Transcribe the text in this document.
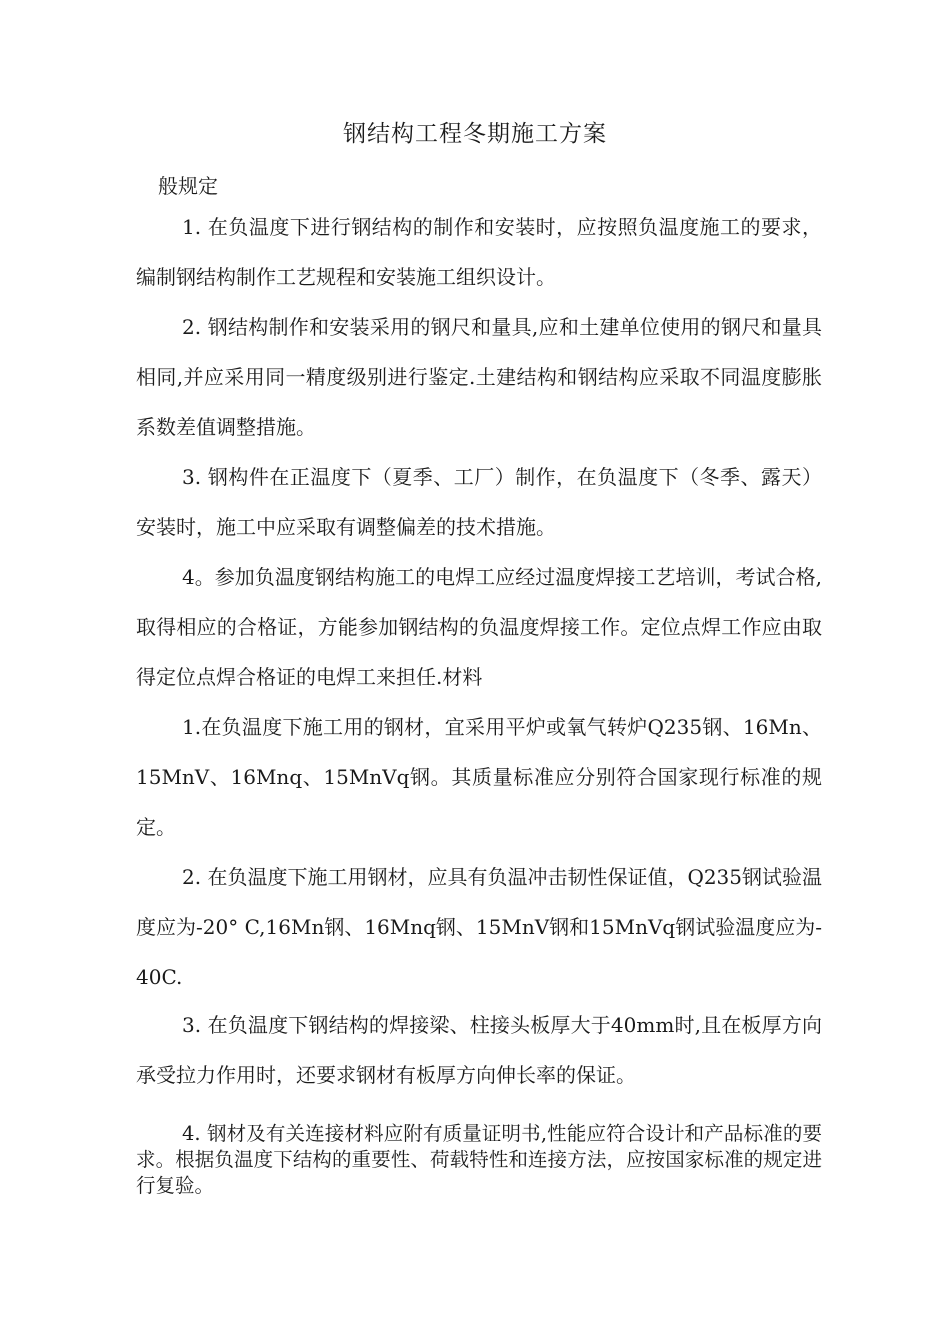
钢结构工程冬期施工方案

般规定

1. 在负温度下进行钢结构的制作和安装时，应按照负温度施工的要求，编制钢结构制作工艺规程和安装施工组织设计。

2. 钢结构制作和安装采用的钢尺和量具,应和土建单位使用的钢尺和量具相同,并应采用同一精度级别进行鉴定.土建结构和钢结构应采取不同温度膨胀系数差值调整措施。

3. 钢构件在正温度下（夏季、工厂）制作，在负温度下（冬季、露天）安装时，施工中应采取有调整偏差的技术措施。

4。参加负温度钢结构施工的电焊工应经过温度焊接工艺培训，考试合格,取得相应的合格证，方能参加钢结构的负温度焊接工作。定位点焊工作应由取得定位点焊合格证的电焊工来担任.材料

1.在负温度下施工用的钢材，宜采用平炉或氧气转炉Q235钢、16Mn、15MnV、16Mnq、15MnVq钢。其质量标准应分别符合国家现行标准的规定。

2. 在负温度下施工用钢材，应具有负温冲击韧性保证值，Q235钢试验温度应为-20° C,16Mn钢、16Mnq钢、15MnV钢和15MnVq钢试验温度应为-40C.

3. 在负温度下钢结构的焊接梁、柱接头板厚大于40mm时,且在板厚方向承受拉力作用时，还要求钢材有板厚方向伸长率的保证。

4. 钢材及有关连接材料应附有质量证明书,性能应符合设计和产品标准的要求。根据负温度下结构的重要性、荷载特性和连接方法，应按国家标准的规定进行复验。
